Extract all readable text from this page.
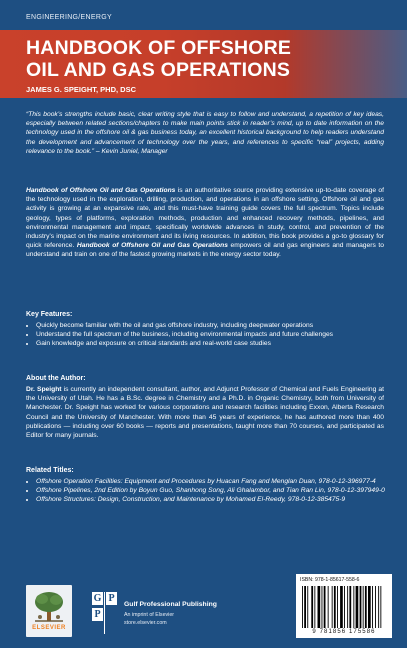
ENGINEERING/ENERGY
HANDBOOK OF OFFSHORE
OIL AND GAS OPERATIONS
JAMES G. SPEIGHT, PHD, DSC

“This book’s strengths include basic, clear writing style that is easy to follow and understand, a repetition of key ideas, especially between related sections/chapters to make main points stick in reader’s mind, up to date information on the technology used in the offshore oil & gas business today, an excellent historical background to help readers understand the development and advancement of technology over the years, and references to specific “real” projects, adding relevance to the book.” – Kevin Juniel, Manager

Handbook of Offshore Oil and Gas Operations is an authoritative source providing extensive up-to-date coverage of the technology used in the exploration, drilling, production, and operations in an offshore setting. Offshore oil and gas activity is growing at an expansive rate, and this must-have training guide covers the full spectrum. Topics include geology, types of platforms, exploration methods, production and enhanced recovery methods, pipelines, and environmental management and impact, specifically worldwide advances in study, control, and prevention of the industry’s impact on the marine environment and its living resources. In addition, this book provides a go-to glossary for quick reference. Handbook of Offshore Oil and Gas Operations empowers oil and gas engineers and managers to understand and train on one of the fastest growing markets in the energy sector today.

Key Features:
• Quickly become familiar with the oil and gas offshore industry, including deepwater operations
• Understand the full spectrum of the business, including environmental impacts and future challenges
• Gain knowledge and exposure on critical standards and real-world case studies
About the Author:

Dr. Speight is currently an independent consultant, author, and Adjunct Professor of Chemical and Fuels Engineering at the University of Utah. He has a B.Sc. degree in Chemistry and a Ph.D. in Organic Chemistry, both from University of Manchester. Dr. Speight has worked for various corporations and research facilities including Exxon, Alberta Research Council and the University of Manchester. With more than 45 years of experience, he has authored more than 400 publications — including over 60 books — reports and presentations, taught more than 70 courses, and participated as Editor for many journals.

Related Titles:
• Offshore Operation Facilities: Equipment and Procedures by Huacan Fang and Menglan Duan, 978-0-12-396977-4
• Offshore Pipelines, 2nd Edition by Boyun Guo, Shanhong Song, Ali Ghalambor, and Tian Ran Lin, 978-0-12-397949-0
• Offshore Structures: Design, Construction, and Maintenance by Mohamed El-Reedy, 978-0-12-385475-9
ELSEVIER
G P
P
Gulf Professional Publishing
An imprint of Elsevier
store.elsevier.com
ISBN: 978-1-85617-558-6
9 781856 175586
